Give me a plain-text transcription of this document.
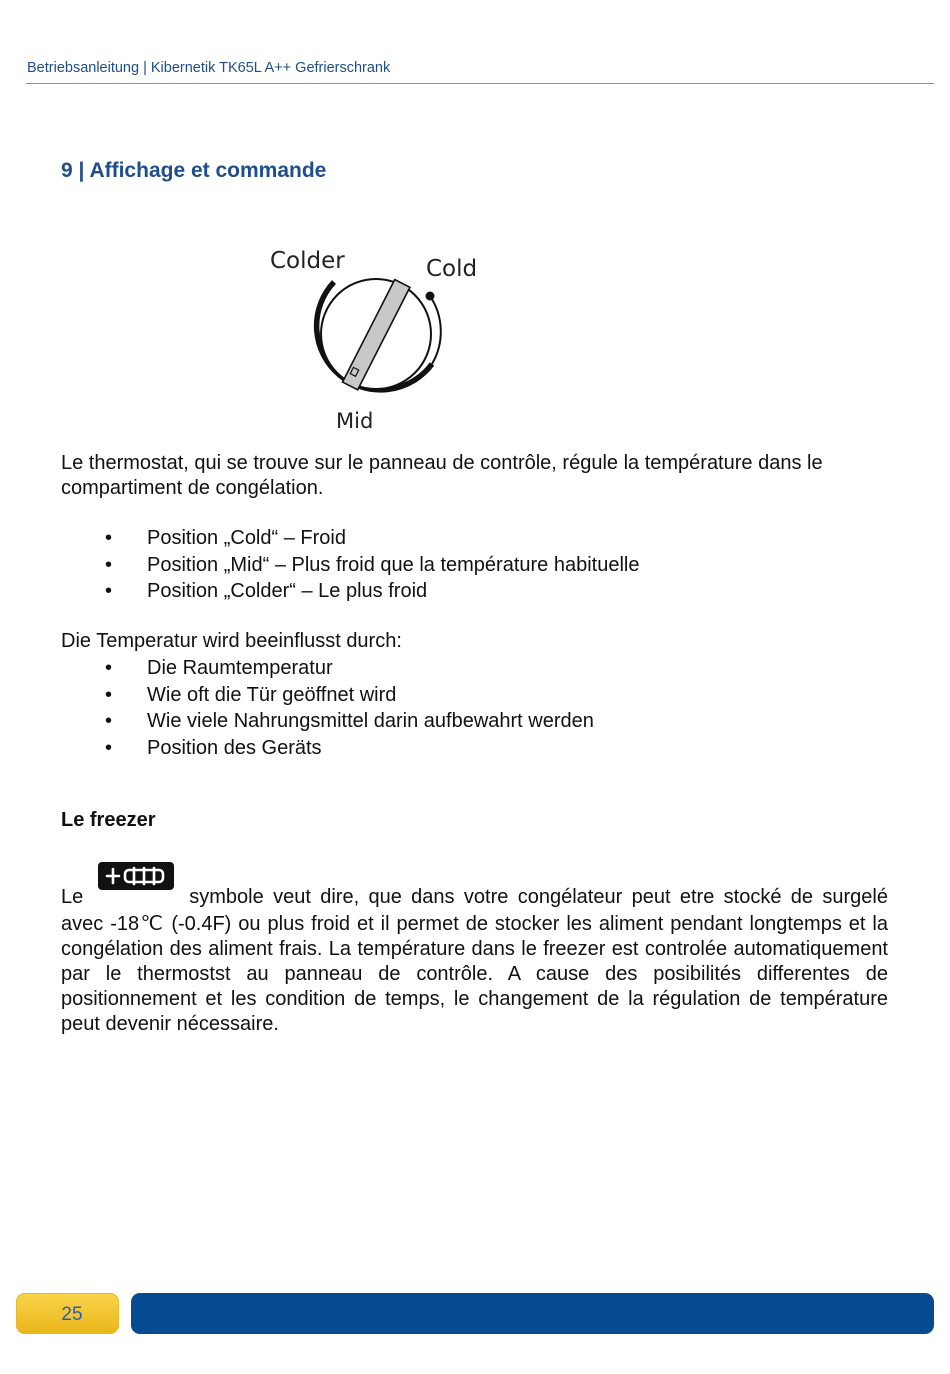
Betriebsanleitung | Kibernetik TK65L A++ Gefrierschrank
9 | Affichage et commande
Colder	Cold
Mid

Le thermostat, qui se trouve sur le panneau de contrôle, régule la température dans le compartiment de congélation.

• Position „Cold“ – Froid
• Position „Mid“ – Plus froid que la température habituelle
• Position „Colder“ – Le plus froid

Die Temperatur wird beeinflusst durch:

• Die Raumtemperatur
• Wie oft die Tür geöffnet wird
• Wie viele Nahrungsmittel darin aufbewahrt werden
• Position des Geräts
Le freezer

Le	symbole veut dire, que dans votre congélateur peut etre stocké de surgelé avec -18℃ (-0.4F) ou plus froid et il permet de stocker les aliment pendant longtemps et la congélation des aliment frais. La température dans le freezer est controlée automatiquement par le thermostst au panneau de contrôle. A cause des posibilités differentes de positionnement et les condition de temps, le changement de la régulation de température peut devenir nécessaire.

25
